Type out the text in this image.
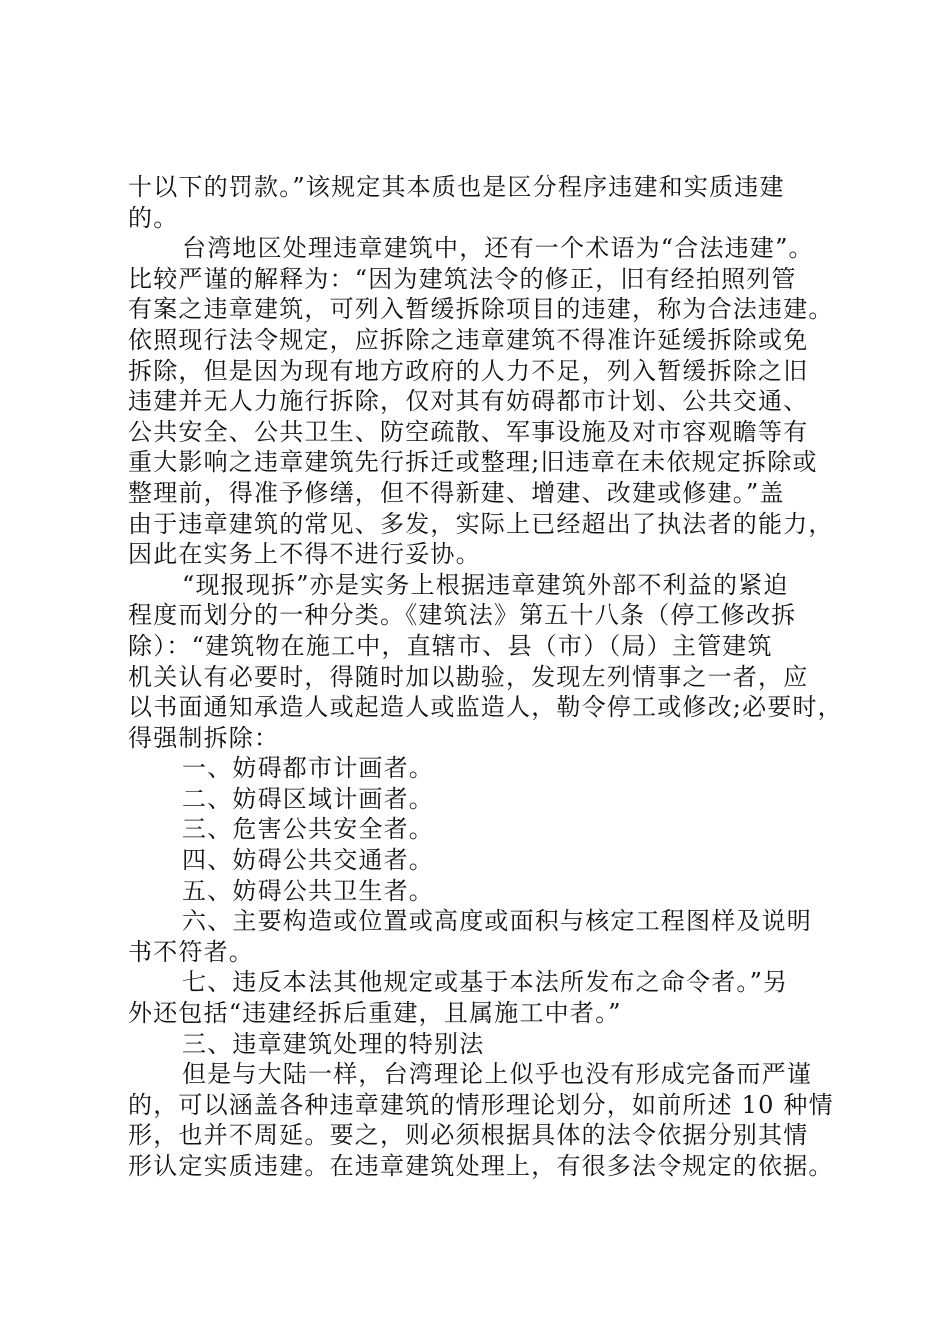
十以下的罚款。”该规定其本质也是区分程序违建和实质违建
的。
台湾地区处理违章建筑中，还有一个术语为“合法违建”。
比较严谨的解释为：“因为建筑法令的修正，旧有经拍照列管
有案之违章建筑，可列入暂缓拆除项目的违建，称为合法违建。
依照现行法令规定，应拆除之违章建筑不得准许延缓拆除或免
拆除，但是因为现有地方政府的人力不足，列入暂缓拆除之旧
违建并无人力施行拆除，仅对其有妨碍都市计划、公共交通、
公共安全、公共卫生、防空疏散、军事设施及对市容观瞻等有
重大影响之违章建筑先行拆迁或整理;旧违章在未依规定拆除或
整理前，得准予修缮，但不得新建、增建、改建或修建。”盖
由于违章建筑的常见、多发，实际上已经超出了执法者的能力，
因此在实务上不得不进行妥协。
“现报现拆”亦是实务上根据违章建筑外部不利益的紧迫
程度而划分的一种分类。《建筑法》第五十八条（停工修改拆
除）：“建筑物在施工中，直辖市、县（市）（局）主管建筑
机关认有必要时，得随时加以勘验，发现左列情事之一者，应
以书面通知承造人或起造人或监造人，勒令停工或修改;必要时，
得强制拆除：
一、妨碍都市计画者。
二、妨碍区域计画者。
三、危害公共安全者。
四、妨碍公共交通者。
五、妨碍公共卫生者。
六、主要构造或位置或高度或面积与核定工程图样及说明
书不符者。
七、违反本法其他规定或基于本法所发布之命令者。”另
外还包括“违建经拆后重建，且属施工中者。”
三、违章建筑处理的特别法
但是与大陆一样，台湾理论上似乎也没有形成完备而严谨
的，可以涵盖各种违章建筑的情形理论划分，如前所述 10 种情
形，也并不周延。要之，则必须根据具体的法令依据分别其情
形认定实质违建。在违章建筑处理上，有很多法令规定的依据。
